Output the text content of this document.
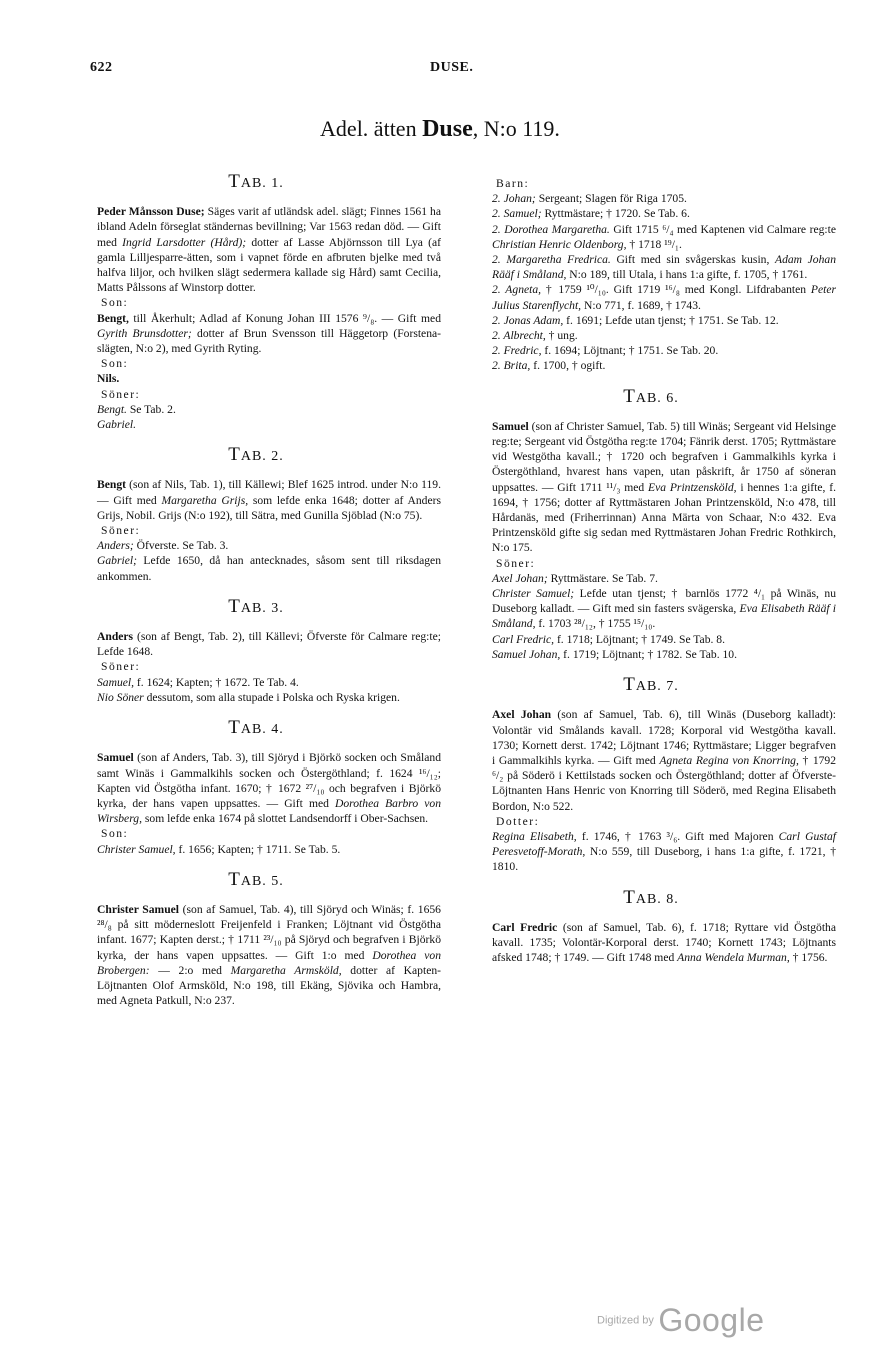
622	DUSE.
Adel. ätten Duse, N:o 119.
TAB. 1.
Peder Månsson Duse; Säges varit af utländsk adel. slägt; Finnes 1561 ha ibland Adeln förseglat ständernas bevillning; Var 1563 redan död. — Gift med Ingrid Larsdotter (Hård); dotter af Lasse Abjörnsson till Lya (af gamla Lilljesparre-ätten, som i vapnet förde en afbruten bjelke med två halfva liljor, och hvilken slägt sedermera kallade sig Hård) samt Cecilia, Matts Pålssons af Winstorp dotter.
Son:
Bengt, till Åkerhult; Adlad af Konung Johan III 1576 ⁹/₈. — Gift med Gyrith Brunsdotter; dotter af Brun Svensson till Häggetorp (Forstena-slägten, N:o 2), med Gyrith Ryting.
Son:
Nils.
Söner:
Bengt. Se Tab. 2.
Gabriel.
TAB. 2.
Bengt (son af Nils, Tab. 1), till Källewi; Blef 1625 introd. under N:o 119. — Gift med Margaretha Grijs, som lefde enka 1648; dotter af Anders Grijs, Nobil. Grijs (N:o 192), till Sätra, med Gunilla Sjöblad (N:o 75).
Söner:
Anders; Öfverste. Se Tab. 3.
Gabriel; Lefde 1650, då han antecknades, såsom sent till riksdagen ankommen.
TAB. 3.
Anders (son af Bengt, Tab. 2), till Källevi; Öfverste för Calmare reg:te; Lefde 1648.
Söner:
Samuel, f. 1624; Kapten; † 1672. Te Tab. 4.
Nio Söner dessutom, som alla stupade i Polska och Ryska krigen.
TAB. 4.
Samuel (son af Anders, Tab. 3), till Sjöryd i Björkö socken och Småland samt Winäs i Gammalkihls socken och Östergöthland; f. 1624 ¹⁶/₁₂; Kapten vid Östgötha infant. 1670; † 1672 ²⁷/₁₀ och begrafven i Björkö kyrka, der hans vapen uppsattes. — Gift med Dorothea Barbro von Wirsberg, som lefde enka 1674 på slottet Landsendorff i Ober-Sachsen.
Son:
Christer Samuel, f. 1656; Kapten; † 1711. Se Tab. 5.
TAB. 5.
Christer Samuel (son af Samuel, Tab. 4), till Sjöryd och Winäs; f. 1656 ²⁸/₈ på sitt möderneslott Freijenfeld i Franken; Löjtnant vid Östgötha infant. 1677; Kapten derst.; † 1711 ²³/₁₀ på Sjöryd och begrafven i Björkö kyrka, der hans vapen uppsattes. — Gift 1:o med Dorothea von Brobergen: — 2:o med Margaretha Armsköld, dotter af Kapten-Löjtnanten Olof Armsköld, N:o 198, till Ekäng, Sjövika och Hambra, med Agneta Patkull, N:o 237.
Barn:
2. Johan; Sergeant; Slagen för Riga 1705.
2. Samuel; Ryttmästare; † 1720. Se Tab. 6.
2. Dorothea Margaretha. Gift 1715 ⁶/₄ med Kaptenen vid Calmare reg:te Christian Henric Oldenborg, † 1718 ¹⁹/₁.
2. Margaretha Fredrica. Gift med sin svågerskas kusin, Adam Johan Rääf i Småland, N:o 189, till Utala, i hans 1:a gifte, f. 1705, † 1761.
2. Agneta, † 1759 ¹⁰/₁₀. Gift 1719 ¹⁶/₈ med Kongl. Lifdrabanten Peter Julius Starenflycht, N:o 771, f. 1689, † 1743.
2. Jonas Adam, f. 1691; Lefde utan tjenst; † 1751. Se Tab. 12.
2. Albrecht, † ung.
2. Fredric, f. 1694; Löjtnant; † 1751. Se Tab. 20.
2. Brita, f. 1700, † ogift.
TAB. 6.
Samuel (son af Christer Samuel, Tab. 5) till Winäs; Sergeant vid Helsinge reg:te; Sergeant vid Östgötha reg:te 1704; Fänrik derst. 1705; Ryttmästare vid Westgötha kavall.; † 1720 och begrafven i Gammalkihls kyrka i Östergöthland, hvarest hans vapen, utan påskrift, år 1750 af söneran uppsattes. — Gift 1711 ¹¹/₃ med Eva Printzensköld, i hennes 1:a gifte, f. 1694, † 1756; dotter af Ryttmästaren Johan Printzensköld, N:o 478, till Hårdanäs, med (Friherrinnan) Anna Märta von Schaar, N:o 432. Eva Printzensköld gifte sig sedan med Ryttmästaren Johan Fredric Rothkirch, N:o 175.
Söner:
Axel Johan; Ryttmästare. Se Tab. 7.
Christer Samuel; Lefde utan tjenst; † barnlös 1772 ⁴/₁ på Winäs, nu Duseborg kalladt. — Gift med sin fasters svägerska, Eva Elisabeth Rääf i Småland, f. 1703 ²⁸/₁₂, † 1755 ¹⁵/₁₀.
Carl Fredric, f. 1718; Löjtnant; † 1749. Se Tab. 8.
Samuel Johan, f. 1719; Löjtnant; † 1782. Se Tab. 10.
TAB. 7.
Axel Johan (son af Samuel, Tab. 6), till Winäs (Duseborg kalladt): Volontär vid Smålands kavall. 1728; Korporal vid Westgötha kavall. 1730; Kornett derst. 1742; Löjtnant 1746; Ryttmästare; Ligger begrafven i Gammalkihls kyrka. — Gift med Agneta Regina von Knorring, † 1792 ⁶/₂ på Söderö i Kettilstads socken och Östergöthland; dotter af Öfverste-Löjtnanten Hans Henric von Knorring till Söderö, med Regina Elisabeth Bordon, N:o 522.
Dotter:
Regina Elisabeth, f. 1746, † 1763 ³/₆. Gift med Majoren Carl Gustaf Peresvetoff-Morath, N:o 559, till Duseborg, i hans 1:a gifte, f. 1721, † 1810.
TAB. 8.
Carl Fredric (son af Samuel, Tab. 6), f. 1718; Ryttare vid Östgötha kavall. 1735; Volontär-Korporal derst. 1740; Kornett 1743; Löjtnants afsked 1748; † 1749. — Gift 1748 med Anna Wendela Murman, † 1756.
Digitized by Google
